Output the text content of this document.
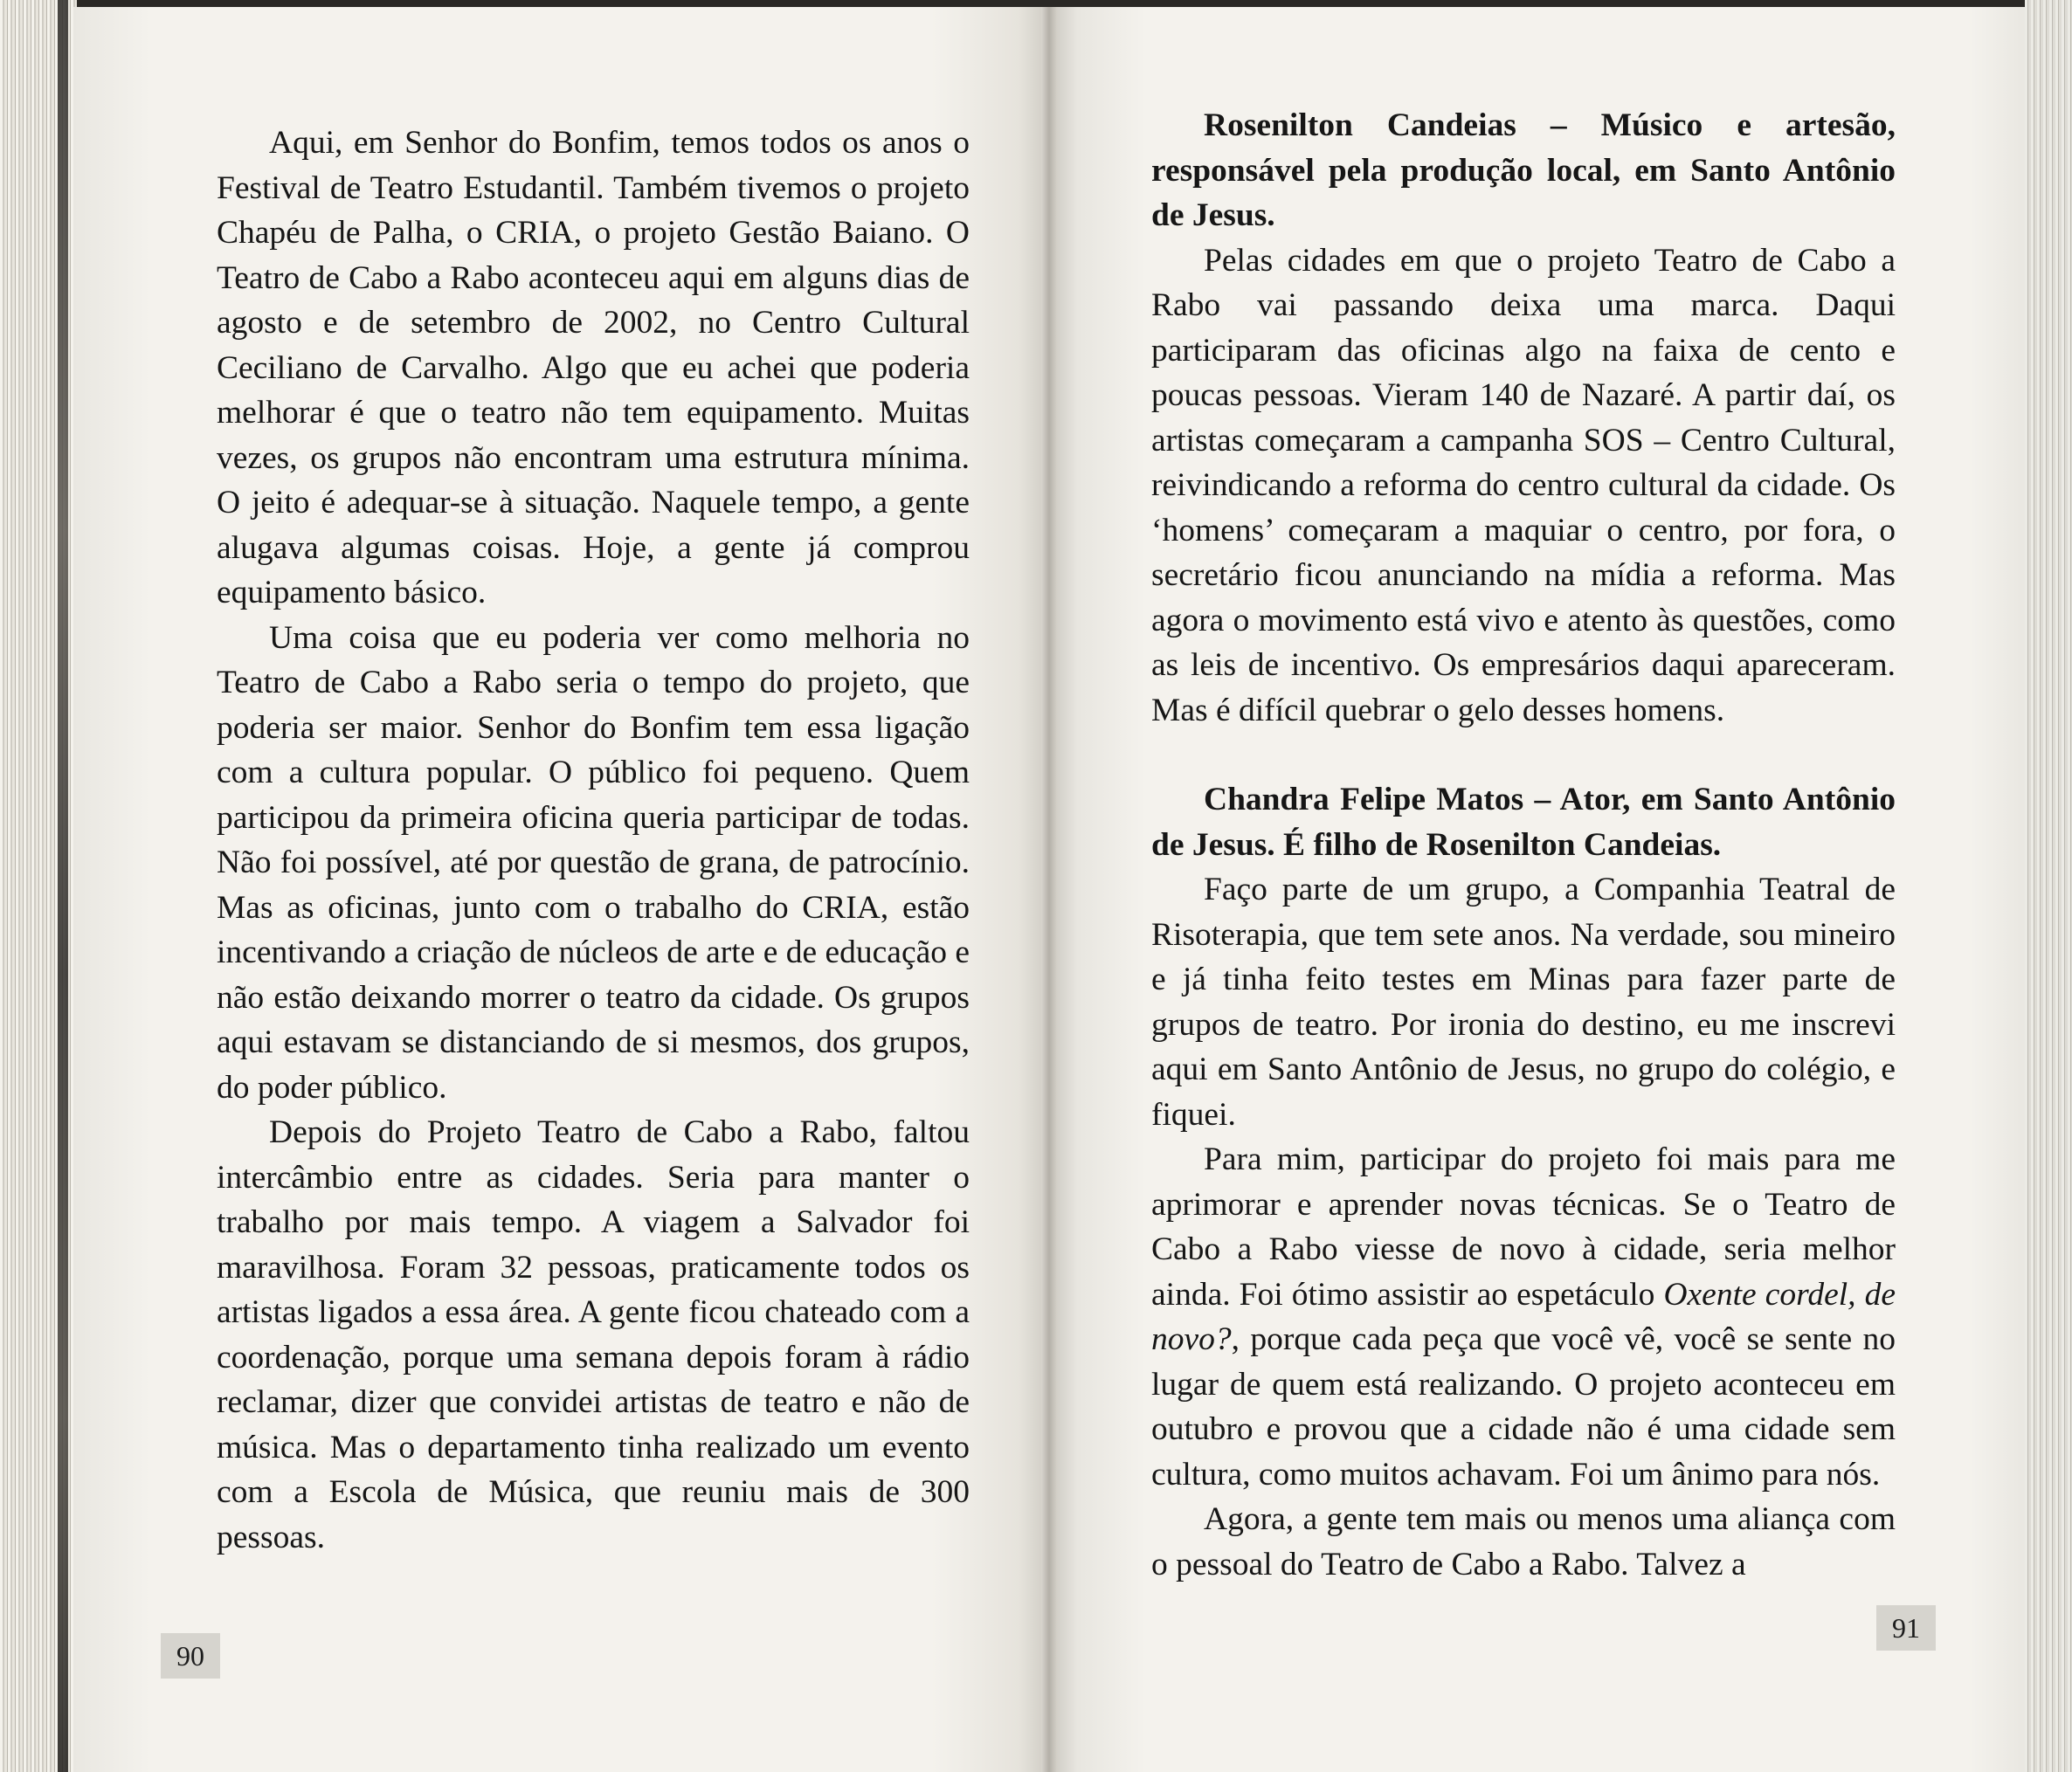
Aqui, em Senhor do Bonfim, temos todos os anos o Festival de Teatro Estudantil. Também tivemos o projeto Chapéu de Palha, o CRIA, o projeto Gestão Baiano. O Teatro de Cabo a Rabo aconteceu aqui em alguns dias de agosto e de setembro de 2002, no Centro Cultural Ceciliano de Carvalho. Algo que eu achei que poderia melhorar é que o teatro não tem equipamento. Muitas vezes, os grupos não encontram uma estrutura mínima. O jeito é adequar-se à situação. Naquele tempo, a gente alugava algumas coisas. Hoje, a gente já comprou equipamento básico.

Uma coisa que eu poderia ver como melhoria no Teatro de Cabo a Rabo seria o tempo do projeto, que poderia ser maior. Senhor do Bonfim tem essa ligação com a cultura popular. O público foi pequeno. Quem participou da primeira oficina queria participar de todas. Não foi possível, até por questão de grana, de patrocínio. Mas as oficinas, junto com o trabalho do CRIA, estão incentivando a criação de núcleos de arte e de educação e não estão deixando morrer o teatro da cidade. Os grupos aqui estavam se distanciando de si mesmos, dos grupos, do poder público.

Depois do Projeto Teatro de Cabo a Rabo, faltou intercâmbio entre as cidades. Seria para manter o trabalho por mais tempo. A viagem a Salvador foi maravilhosa. Foram 32 pessoas, praticamente todos os artistas ligados a essa área. A gente ficou chateado com a coordenação, porque uma semana depois foram à rádio reclamar, dizer que convidei artistas de teatro e não de música. Mas o departamento tinha realizado um evento com a Escola de Música, que reuniu mais de 300 pessoas.

90

Rosenilton Candeias – Músico e artesão, responsável pela produção local, em Santo Antônio de Jesus.

Pelas cidades em que o projeto Teatro de Cabo a Rabo vai passando deixa uma marca. Daqui participaram das oficinas algo na faixa de cento e poucas pessoas. Vieram 140 de Nazaré. A partir daí, os artistas começaram a campanha SOS – Centro Cultural, reivindicando a reforma do centro cultural da cidade. Os ‘homens’ começaram a maquiar o centro, por fora, o secretário ficou anunciando na mídia a reforma. Mas agora o movimento está vivo e atento às questões, como as leis de incentivo. Os empresários daqui apareceram. Mas é difícil quebrar o gelo desses homens.

Chandra Felipe Matos – Ator, em Santo Antônio de Jesus. É filho de Rosenilton Candeias.

Faço parte de um grupo, a Companhia Teatral de Risoterapia, que tem sete anos. Na verdade, sou mineiro e já tinha feito testes em Minas para fazer parte de grupos de teatro. Por ironia do destino, eu me inscrevi aqui em Santo Antônio de Jesus, no grupo do colégio, e fiquei.

Para mim, participar do projeto foi mais para me aprimorar e aprender novas técnicas. Se o Teatro de Cabo a Rabo viesse de novo à cidade, seria melhor ainda. Foi ótimo assistir ao espetáculo Oxente cordel, de novo?, porque cada peça que você vê, você se sente no lugar de quem está realizando. O projeto aconteceu em outubro e provou que a cidade não é uma cidade sem cultura, como muitos achavam. Foi um ânimo para nós.

Agora, a gente tem mais ou menos uma aliança com o pessoal do Teatro de Cabo a Rabo. Talvez a

91
